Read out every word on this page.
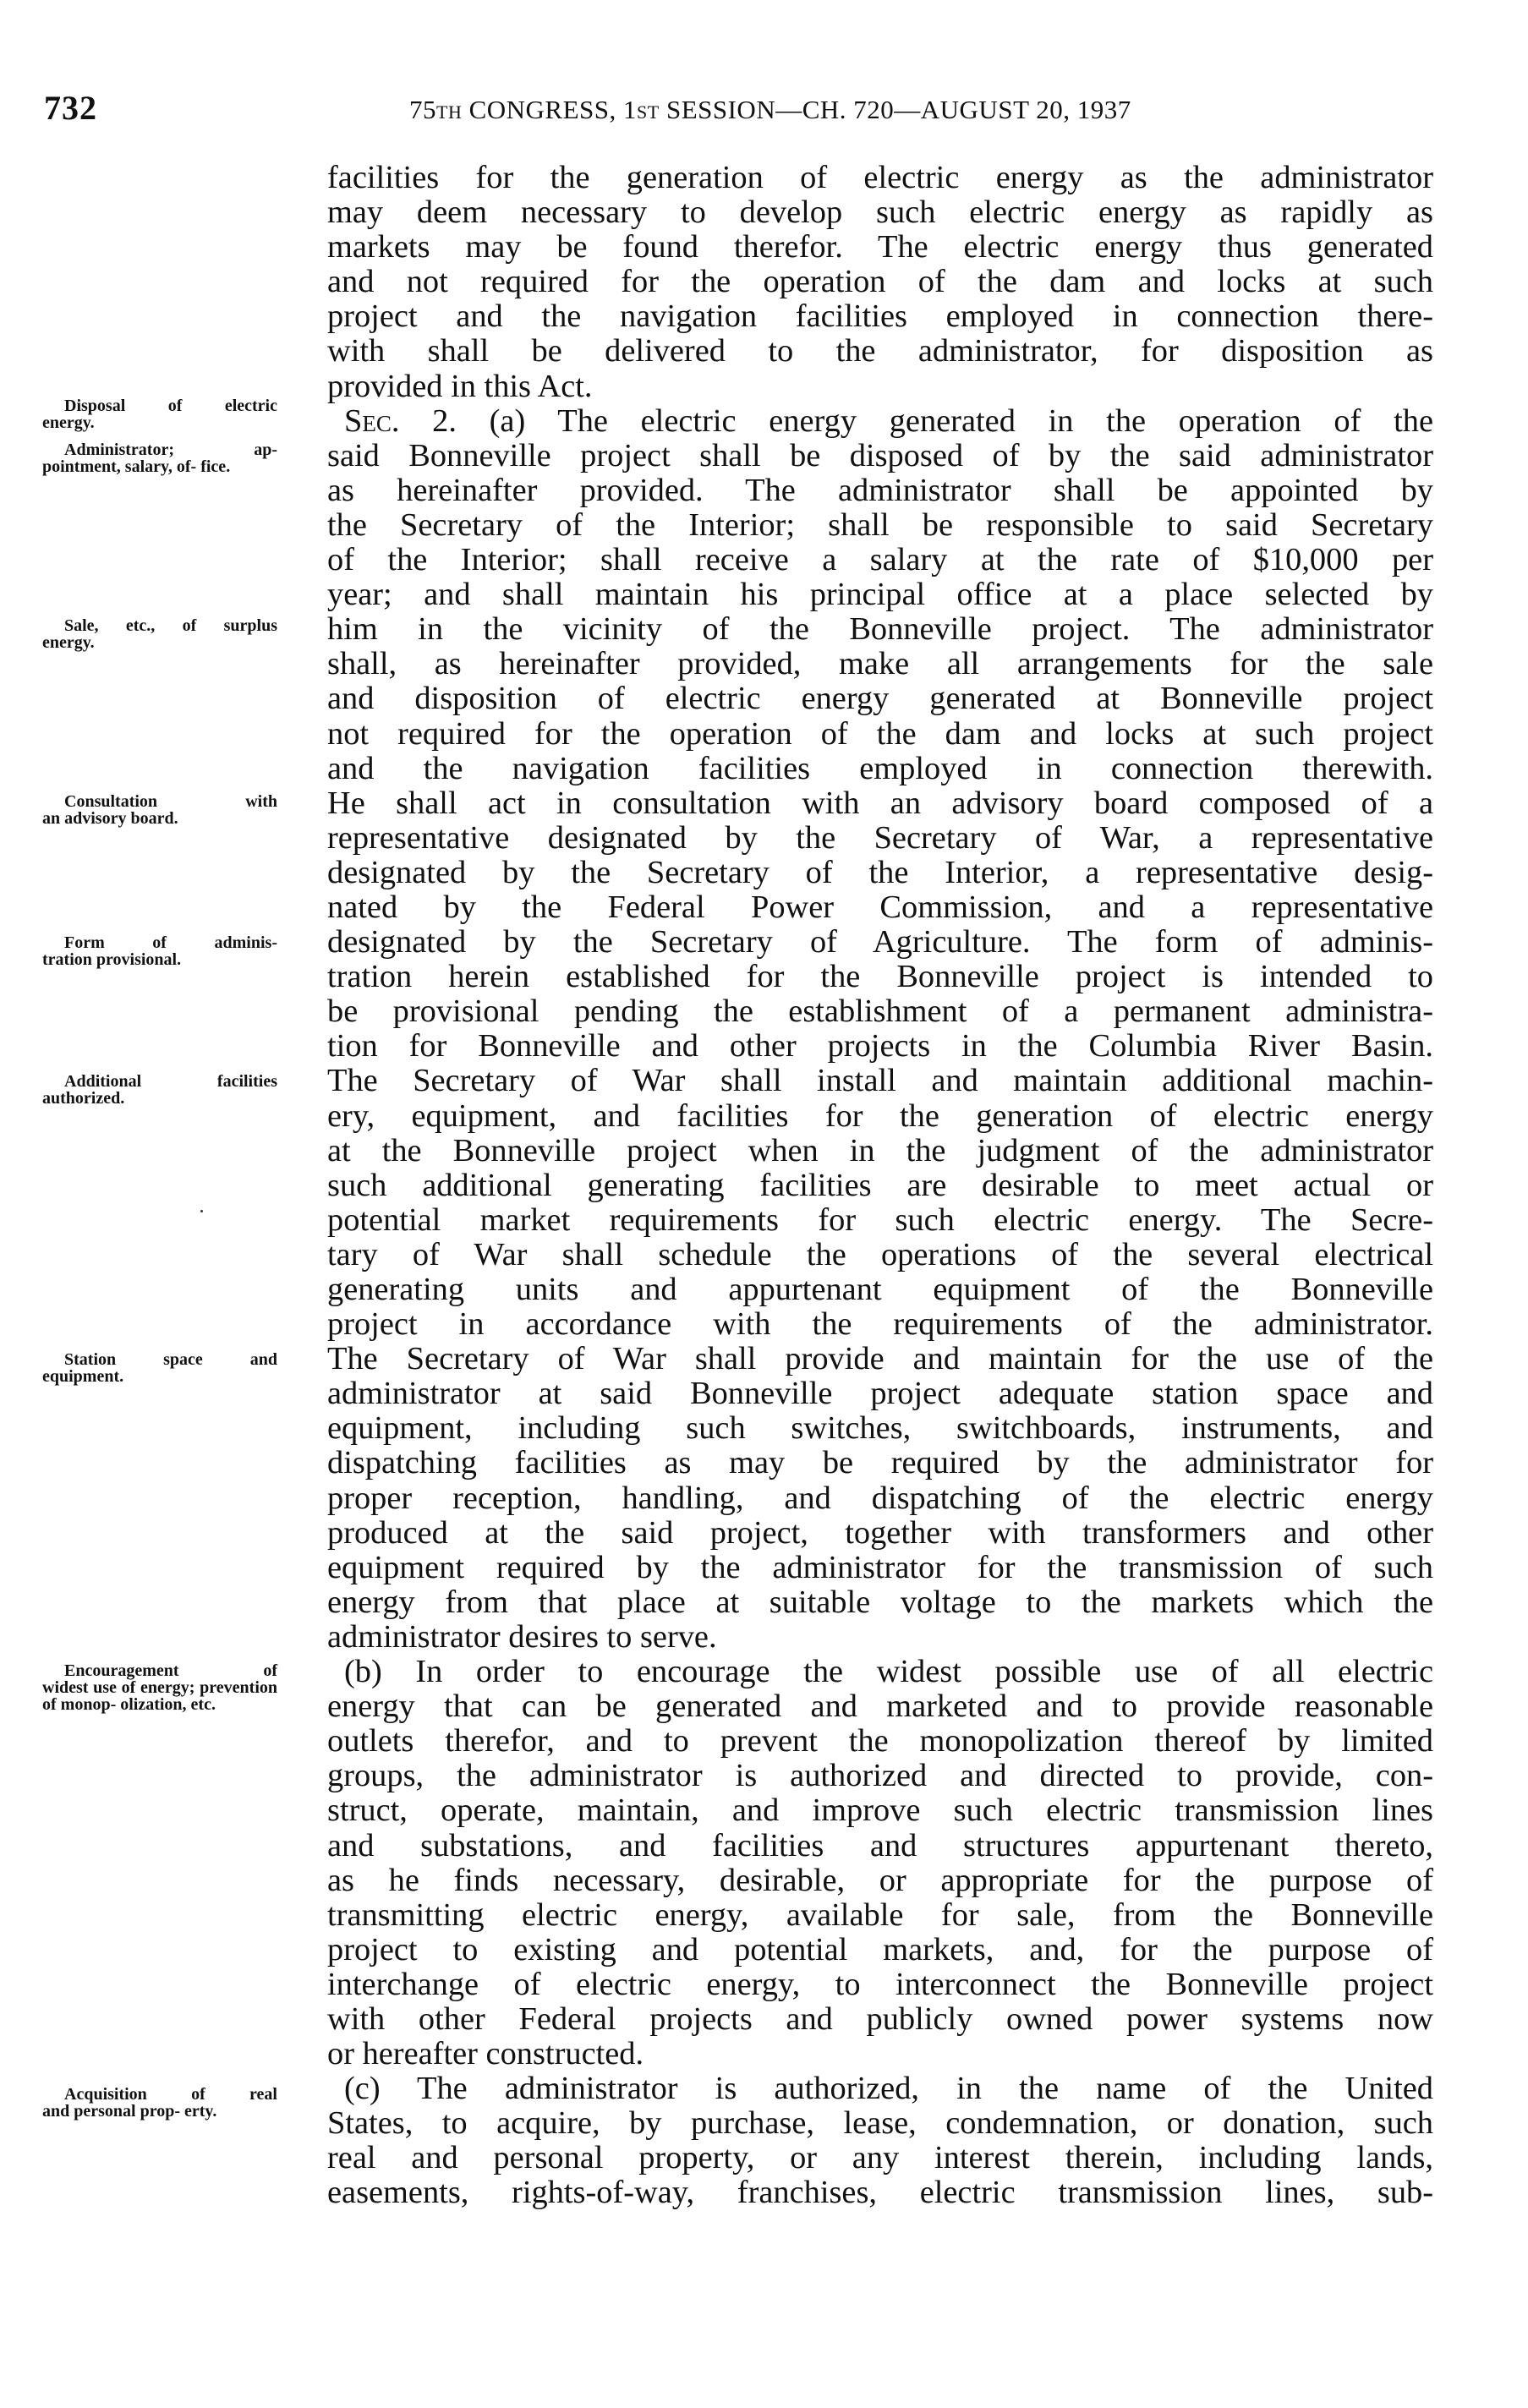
732	75TH CONGRESS, 1ST SESSION—CH. 720—AUGUST 20, 1937
Disposal of electric
energy.
Administrator; ap-
pointment, salary, of- fice.
Sale, etc., of surplus
energy.
Consultation with
an advisory board.
Form of adminis-
tration provisional.
Additional facilities
authorized.
Station space and
equipment.
Encouragement of
widest use of energy; prevention of monop- olization, etc.
Acquisition of real
and personal prop- erty.
facilities for the generation of electric energy as the administrator
may deem necessary to develop such electric energy as rapidly as
markets may be found therefor. The electric energy thus generated
and not required for the operation of the dam and locks at such
project and the navigation facilities employed in connection there-
with shall be delivered to the administrator, for disposition as
provided in this Act.
Sec. 2. (a) The electric energy generated in the operation of the
said Bonneville project shall be disposed of by the said administrator
as hereinafter provided. The administrator shall be appointed by
the Secretary of the Interior; shall be responsible to said Secretary
of the Interior; shall receive a salary at the rate of $10,000 per
year; and shall maintain his principal office at a place selected by
him in the vicinity of the Bonneville project. The administrator
shall, as hereinafter provided, make all arrangements for the sale
and disposition of electric energy generated at Bonneville project
not required for the operation of the dam and locks at such project
and the navigation facilities employed in connection therewith.
He shall act in consultation with an advisory board composed of a
representative designated by the Secretary of War, a representative
designated by the Secretary of the Interior, a representative desig-
nated by the Federal Power Commission, and a representative
designated by the Secretary of Agriculture. The form of adminis-
tration herein established for the Bonneville project is intended to
be provisional pending the establishment of a permanent administra-
tion for Bonneville and other projects in the Columbia River Basin.
The Secretary of War shall install and maintain additional machin-
ery, equipment, and facilities for the generation of electric energy
at the Bonneville project when in the judgment of the administrator
such additional generating facilities are desirable to meet actual or
potential market requirements for such electric energy. The Secre-
tary of War shall schedule the operations of the several electrical
generating units and appurtenant equipment of the Bonneville
project in accordance with the requirements of the administrator.
The Secretary of War shall provide and maintain for the use of the
administrator at said Bonneville project adequate station space and
equipment, including such switches, switchboards, instruments, and
dispatching facilities as may be required by the administrator for
proper reception, handling, and dispatching of the electric energy
produced at the said project, together with transformers and other
equipment required by the administrator for the transmission of such
energy from that place at suitable voltage to the markets which the
administrator desires to serve.
(b) In order to encourage the widest possible use of all electric
energy that can be generated and marketed and to provide reasonable
outlets therefor, and to prevent the monopolization thereof by limited
groups, the administrator is authorized and directed to provide, con-
struct, operate, maintain, and improve such electric transmission lines
and substations, and facilities and structures appurtenant thereto,
as he finds necessary, desirable, or appropriate for the purpose of
transmitting electric energy, available for sale, from the Bonneville
project to existing and potential markets, and, for the purpose of
interchange of electric energy, to interconnect the Bonneville project
with other Federal projects and publicly owned power systems now
or hereafter constructed.
(c) The administrator is authorized, in the name of the United
States, to acquire, by purchase, lease, condemnation, or donation, such
real and personal property, or any interest therein, including lands,
easements, rights-of-way, franchises, electric transmission lines, sub-
